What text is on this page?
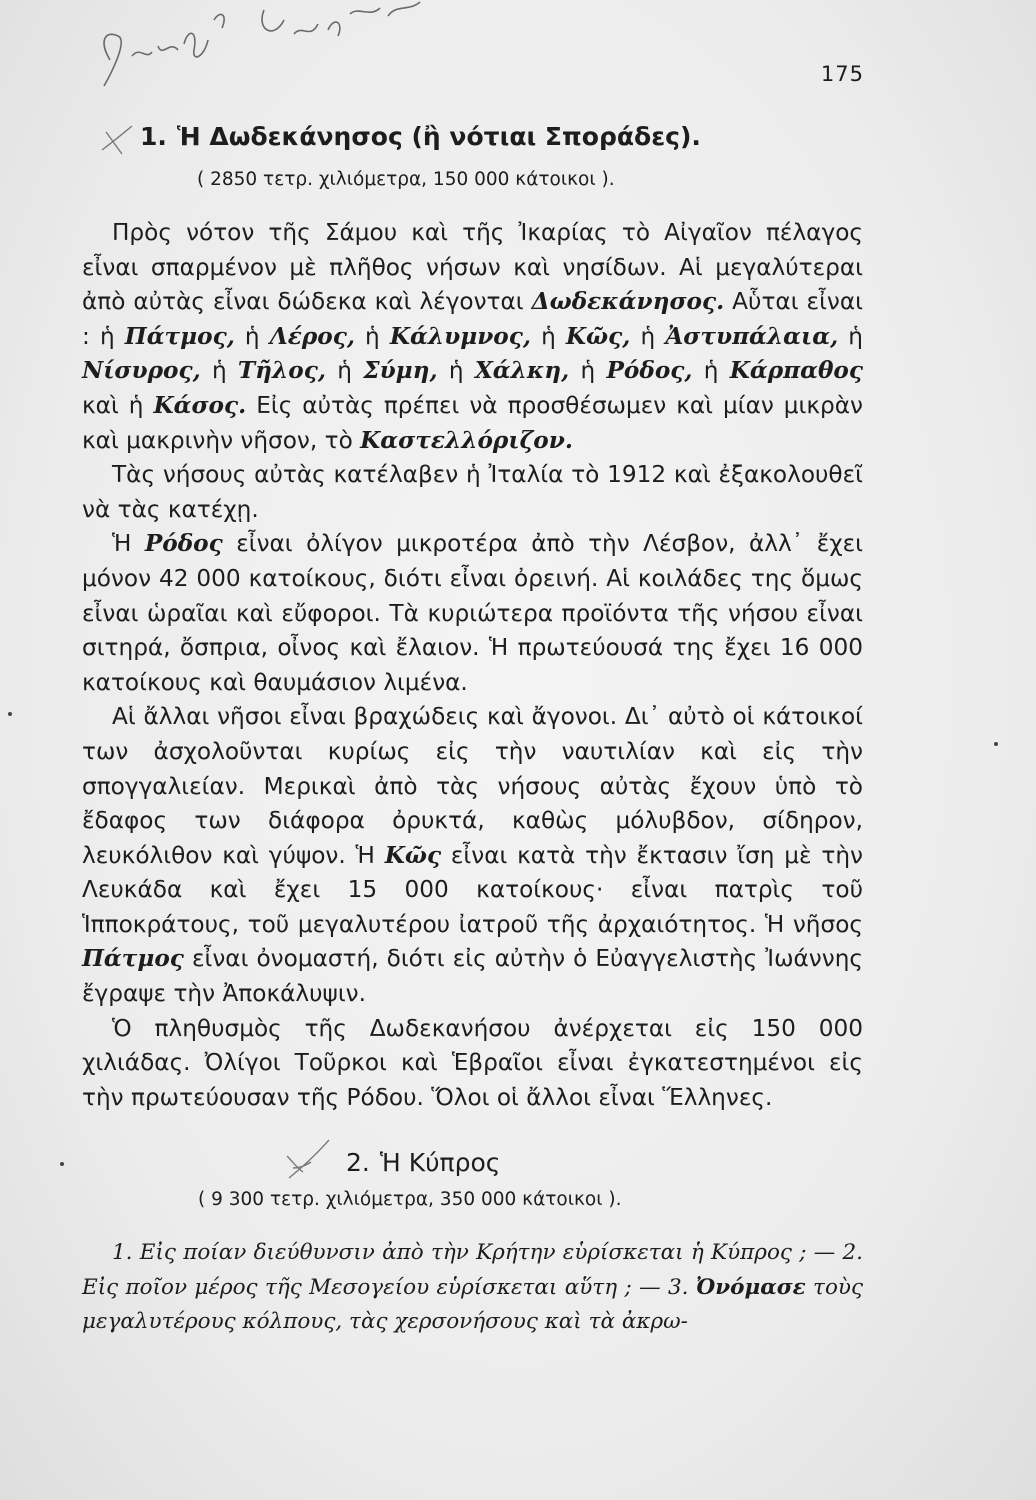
175
1. Ἡ Δωδεκάνησος (ἢ νότιαι Σποράδες).
( 2850 τετρ. χιλιόμετρα, 150 000 κάτοικοι ).

Πρὸς νότον τῆς Σάμου καὶ τῆς Ἰκαρίας τὸ Αἰγαῖον πέλαγος εἶναι σπαρμένον μὲ πλῆθος νήσων καὶ νησίδων. Αἱ μεγαλύτεραι ἀπὸ αὐτὰς εἶναι δώδεκα καὶ λέγονται Δωδεκάνησος. Αὗται εἶναι : ἡ Πάτμος, ἡ Λέρος, ἡ Κάλυμνος, ἡ Κῶς, ἡ Ἀστυπάλαια, ἡ Νίσυρος, ἡ Τῆλος, ἡ Σύμη, ἡ Χάλκη, ἡ Ρόδος, ἡ Κάρπαθος καὶ ἡ Κάσος. Εἰς αὐτὰς πρέπει νὰ προσθέσωμεν καὶ μίαν μικρὰν καὶ μακρινὴν νῆσον, τὸ Καστελλόριζον.

Τὰς νήσους αὐτὰς κατέλαβεν ἡ Ἰταλία τὸ 1912 καὶ ἐξακολουθεῖ νὰ τὰς κατέχῃ.

Ἡ Ρόδος εἶναι ὀλίγον μικροτέρα ἀπὸ τὴν Λέσβον, ἀλλ᾽ ἔχει μόνον 42 000 κατοίκους, διότι εἶναι ὀρεινή. Αἱ κοιλάδες της ὅμως εἶναι ὡραῖαι καὶ εὔφοροι. Τὰ κυριώτερα προϊόντα τῆς νήσου εἶναι σιτηρά, ὄσπρια, οἶνος καὶ ἔλαιον. Ἡ πρωτεύουσά της ἔχει 16 000 κατοίκους καὶ θαυμάσιον λιμένα.

Αἱ ἄλλαι νῆσοι εἶναι βραχώδεις καὶ ἄγονοι. Δι᾽ αὐτὸ οἱ κάτοικοί των ἀσχολοῦνται κυρίως εἰς τὴν ναυτιλίαν καὶ εἰς τὴν σπογγαλιείαν. Μερικαὶ ἀπὸ τὰς νήσους αὐτὰς ἔχουν ὑπὸ τὸ ἔδαφος των διάφορα ὀρυκτά, καθὼς μόλυβδον, σίδηρον, λευκόλιθον καὶ γύψον. Ἡ Κῶς εἶναι κατὰ τὴν ἔκτασιν ἴση μὲ τὴν Λευκάδα καὶ ἔχει 15 000 κατοίκους· εἶναι πατρὶς τοῦ Ἱπποκράτους, τοῦ μεγαλυτέρου ἰατροῦ τῆς ἀρχαιότητος. Ἡ νῆσος Πάτμος εἶναι ὀνομαστή, διότι εἰς αὐτὴν ὁ Εὐαγγελιστὴς Ἰωάννης ἔγραψε τὴν Ἀποκάλυψιν.

Ὁ πληθυσμὸς τῆς Δωδεκανήσου ἀνέρχεται εἰς 150 000 χιλιάδας. Ὀλίγοι Τοῦρκοι καὶ Ἑβραῖοι εἶναι ἐγκατεστημένοι εἰς τὴν πρωτεύουσαν τῆς Ρόδου. Ὅλοι οἱ ἄλλοι εἶναι Ἕλληνες.

2. Ἡ Κύπρος
( 9 300 τετρ. χιλιόμετρα, 350 000 κάτοικοι ).

1. Εἰς ποίαν διεύθυνσιν ἀπὸ τὴν Κρήτην εὑρίσκεται ἡ Κύπρος ; — 2. Εἰς ποῖον μέρος τῆς Μεσογείου εὑρίσκεται αὕτη ; — 3. Ὀνόμασε τοὺς μεγαλυτέρους κόλπους, τὰς χερσονήσους καὶ τὰ ἀκρω-
